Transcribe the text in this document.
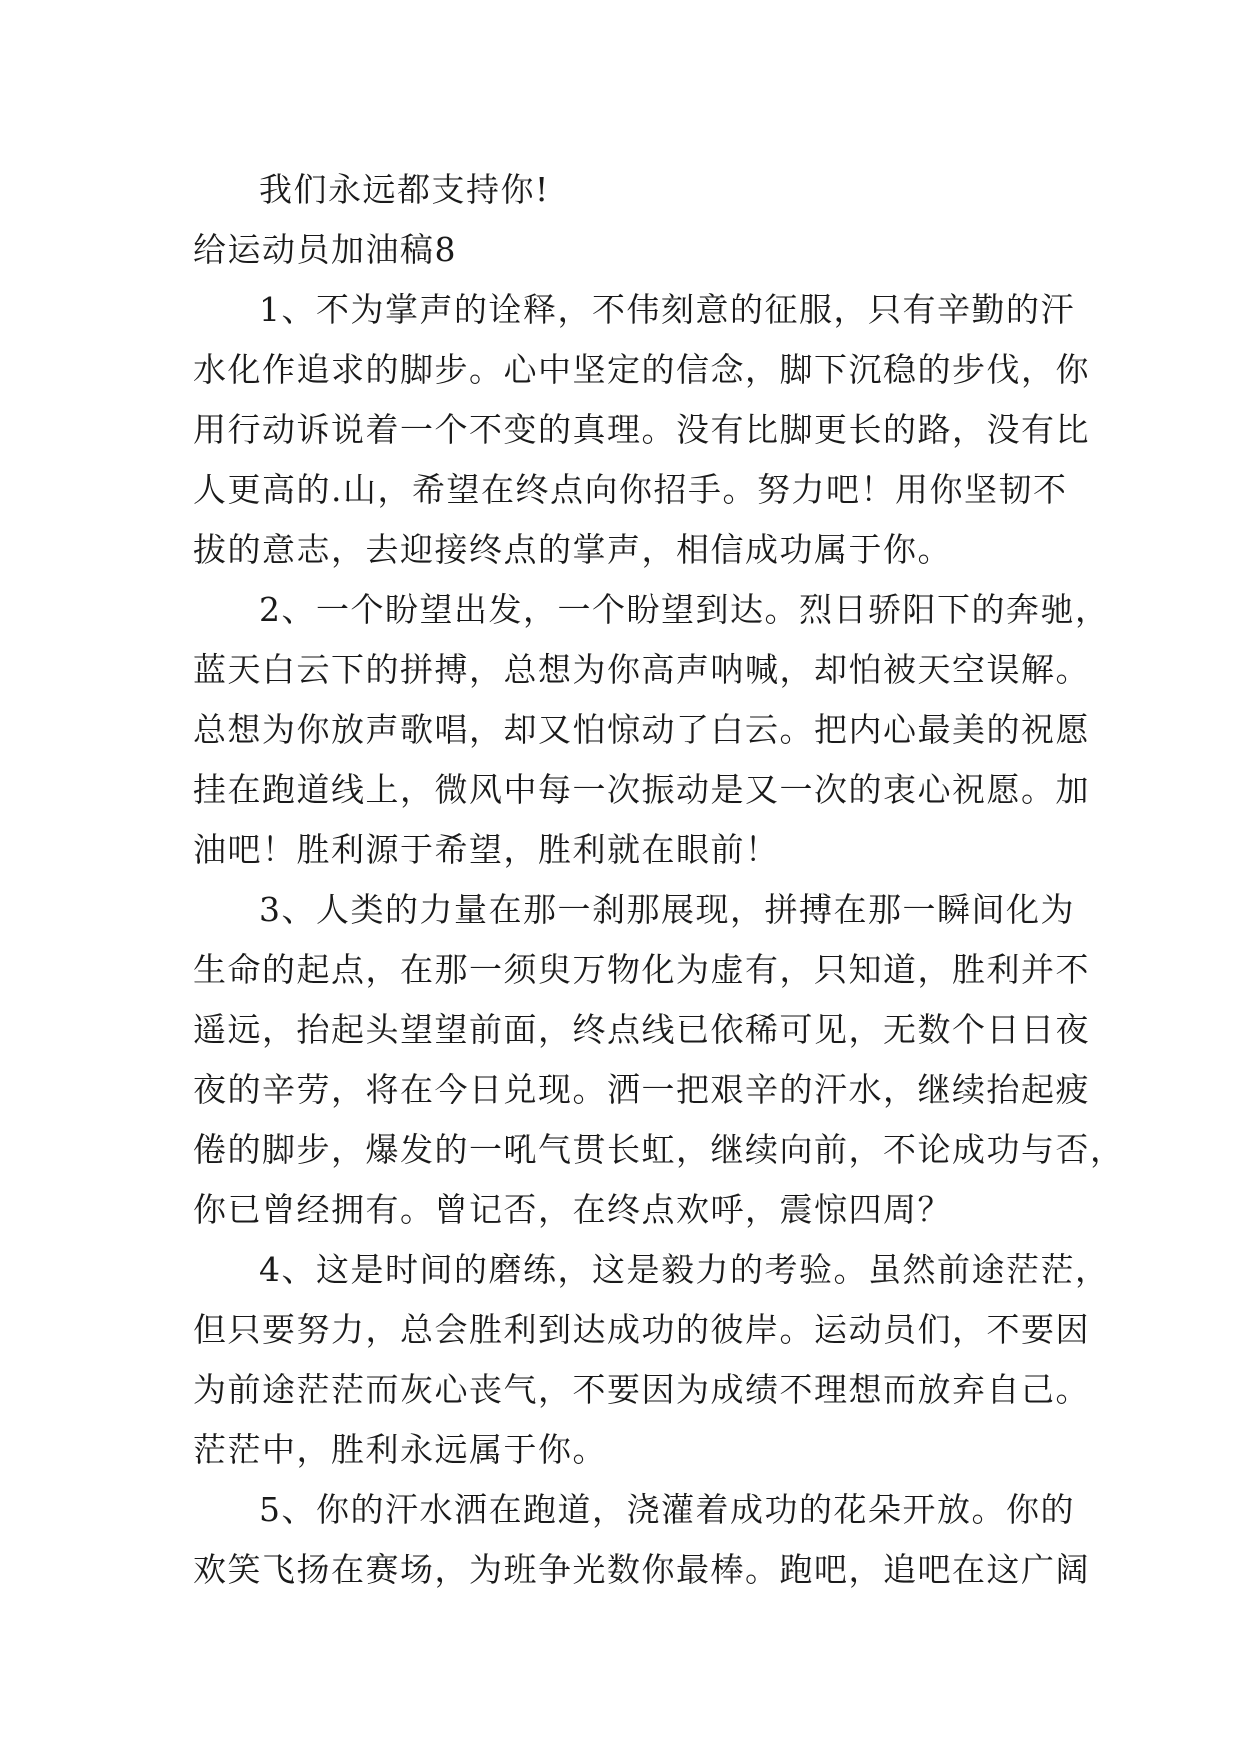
我们永远都支持你!
给运动员加油稿8
1、不为掌声的诠释，不伟刻意的征服，只有辛勤的汗
水化作追求的脚步。心中坚定的信念，脚下沉稳的步伐，你
用行动诉说着一个不变的真理。没有比脚更长的路，没有比
人更高的.山，希望在终点向你招手。努力吧！用你坚韧不
拔的意志，去迎接终点的掌声，相信成功属于你。
2、一个盼望出发，一个盼望到达。烈日骄阳下的奔驰，
蓝天白云下的拼搏，总想为你高声呐喊，却怕被天空误解。
总想为你放声歌唱，却又怕惊动了白云。把内心最美的祝愿
挂在跑道线上，微风中每一次振动是又一次的衷心祝愿。加
油吧！胜利源于希望，胜利就在眼前！
3、人类的力量在那一刹那展现，拼搏在那一瞬间化为
生命的起点，在那一须臾万物化为虚有，只知道，胜利并不
遥远，抬起头望望前面，终点线已依稀可见，无数个日日夜
夜的辛劳，将在今日兑现。洒一把艰辛的汗水，继续抬起疲
倦的脚步，爆发的一吼气贯长虹，继续向前，不论成功与否，
你已曾经拥有。曾记否，在终点欢呼，震惊四周？
4、这是时间的磨练，这是毅力的考验。虽然前途茫茫，
但只要努力，总会胜利到达成功的彼岸。运动员们，不要因
为前途茫茫而灰心丧气，不要因为成绩不理想而放弃自己。
茫茫中，胜利永远属于你。
5、你的汗水洒在跑道，浇灌着成功的花朵开放。你的
欢笑飞扬在赛场，为班争光数你最棒。跑吧，追吧在这广阔
